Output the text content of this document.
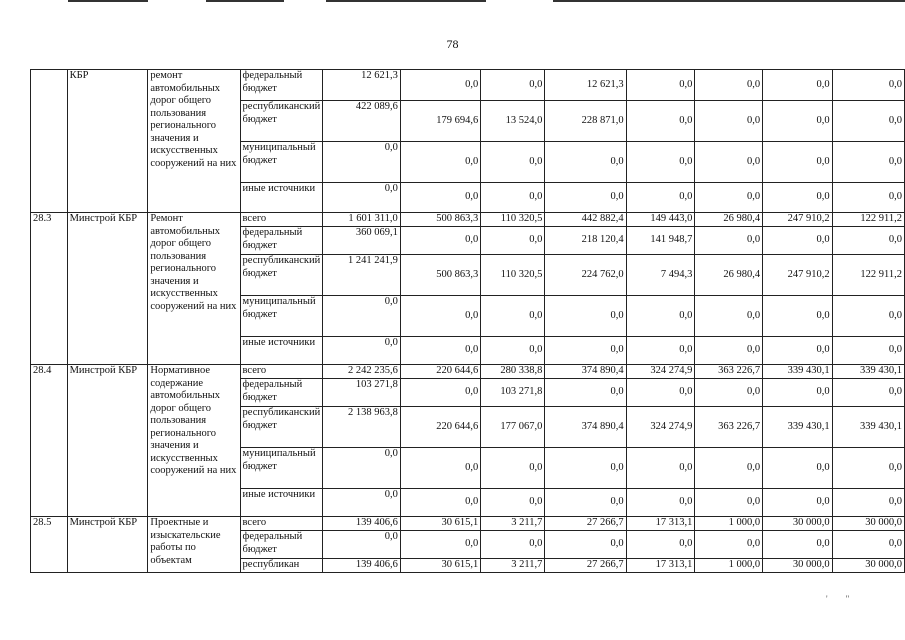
78
	КБР	ремонт автомобильных дорог общего пользования регионального значения и искусственных сооружений на них	федеральный бюджет	12 621,3	0,0	0,0	12 621,3	0,0	0,0	0,0	0,0
			республиканский бюджет	422 089,6	179 694,6	13 524,0	228 871,0	0,0	0,0	0,0	0,0
			муниципальный бюджет	0,0	0,0	0,0	0,0	0,0	0,0	0,0	0,0
			иные источники	0,0	0,0	0,0	0,0	0,0	0,0	0,0	0,0
28.3	Минстрой КБР	Ремонт автомобильных дорог общего пользования регионального значения и искусственных сооружений на них	всего	1 601 311,0	500 863,3	110 320,5	442 882,4	149 443,0	26 980,4	247 910,2	122 911,2
			федеральный бюджет	360 069,1	0,0	0,0	218 120,4	141 948,7	0,0	0,0	0,0
			республиканский бюджет	1 241 241,9	500 863,3	110 320,5	224 762,0	7 494,3	26 980,4	247 910,2	122 911,2
			муниципальный бюджет	0,0	0,0	0,0	0,0	0,0	0,0	0,0	0,0
			иные источники	0,0	0,0	0,0	0,0	0,0	0,0	0,0	0,0
28.4	Минстрой КБР	Нормативное содержание автомобильных дорог общего пользования регионального значения и искусственных сооружений на них	всего	2 242 235,6	220 644,6	280 338,8	374 890,4	324 274,9	363 226,7	339 430,1	339 430,1
			федеральный бюджет	103 271,8	0,0	103 271,8	0,0	0,0	0,0	0,0	0,0
			республиканский бюджет	2 138 963,8	220 644,6	177 067,0	374 890,4	324 274,9	363 226,7	339 430,1	339 430,1
			муниципальный бюджет	0,0	0,0	0,0	0,0	0,0	0,0	0,0	0,0
			иные источники	0,0	0,0	0,0	0,0	0,0	0,0	0,0	0,0
28.5	Минстрой КБР	Проектные и изыскательские работы по объектам	всего	139 406,6	30 615,1	3 211,7	27 266,7	17 313,1	1 000,0	30 000,0	30 000,0
			федеральный бюджет	0,0	0,0	0,0	0,0	0,0	0,0	0,0	0,0
			республикан	139 406,6	30 615,1	3 211,7	27 266,7	17 313,1	1 000,0	30 000,0	30 000,0
'        "
